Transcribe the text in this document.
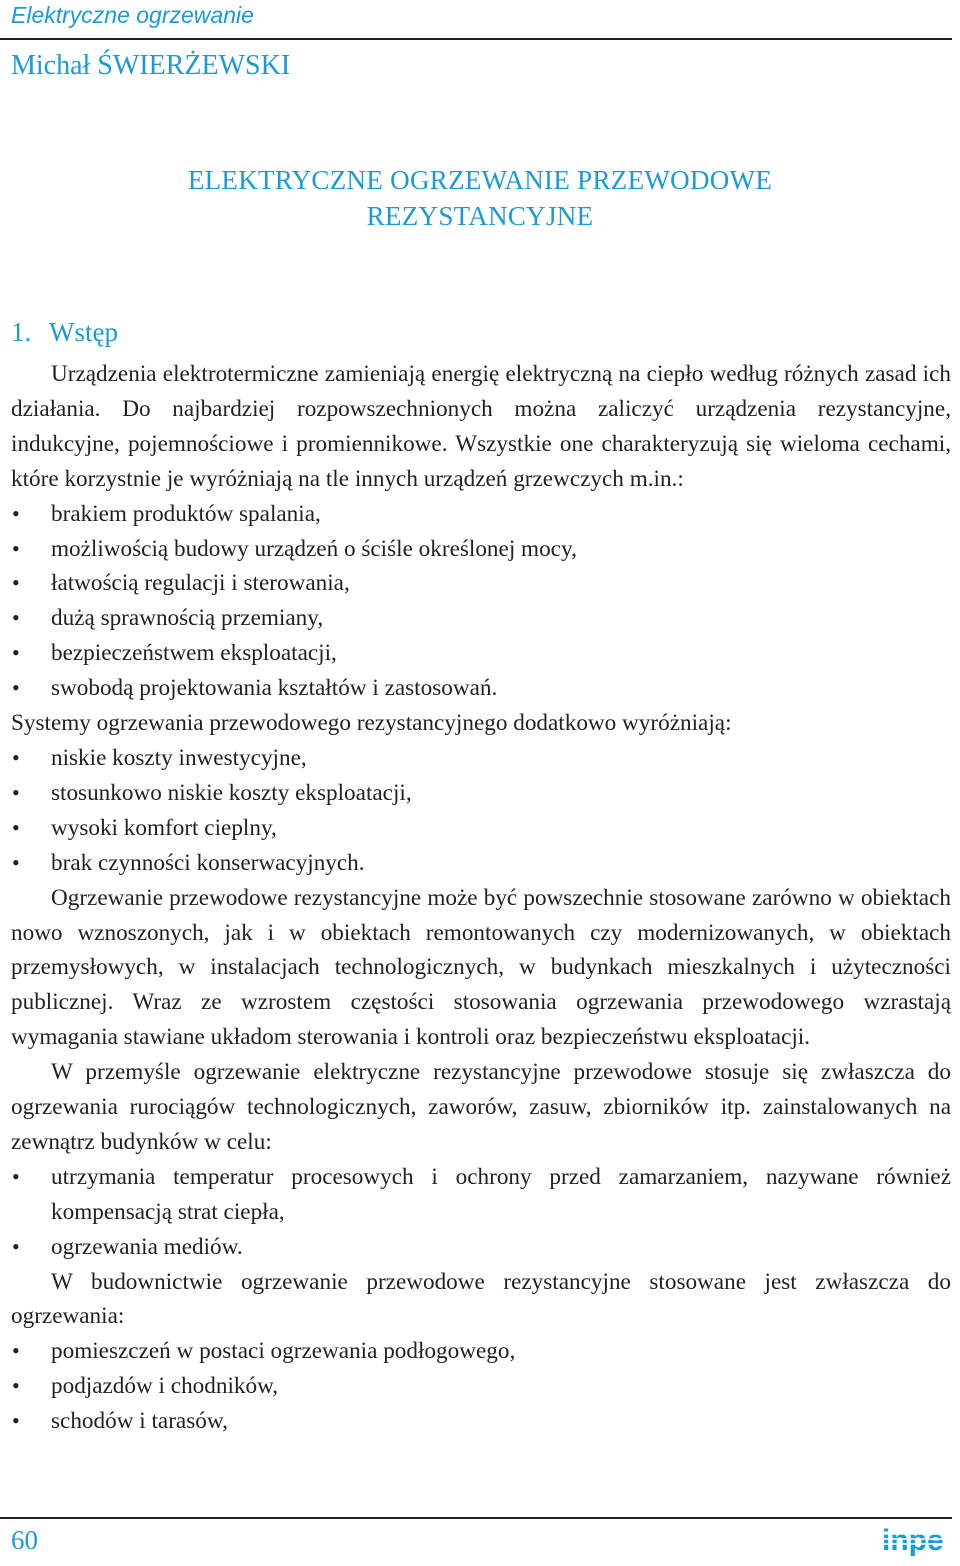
Elektryczne ogrzewanie
Michał ŚWIERŻEWSKI
ELEKTRYCZNE OGRZEWANIE PRZEWODOWE
REZYSTANCYJNE
1. Wstęp

Urządzenia elektrotermiczne zamieniają energię elektryczną na ciepło według różnych zasad ich działania. Do najbardziej rozpowszechnionych można zaliczyć urządzenia rezystancyjne, indukcyjne, pojemnościowe i promiennikowe. Wszystkie one charakteryzują się wieloma cechami, które korzystnie je wyróżniają na tle innych urządzeń grzewczych m.in.:

• brakiem produktów spalania,
• możliwością budowy urządzeń o ściśle określonej mocy,
• łatwością regulacji i sterowania,
• dużą sprawnością przemiany,
• bezpieczeństwem eksploatacji,
• swobodą projektowania kształtów i zastosowań.

Systemy ogrzewania przewodowego rezystancyjnego dodatkowo wyróżniają:

• niskie koszty inwestycyjne,
• stosunkowo niskie koszty eksploatacji,
• wysoki komfort cieplny,
• brak czynności konserwacyjnych.

Ogrzewanie przewodowe rezystancyjne może być powszechnie stosowane zarówno w obiektach nowo wznoszonych, jak i w obiektach remontowanych czy modernizowanych, w obiektach przemysłowych, w instalacjach technologicznych, w budynkach mieszkalnych i użyteczności publicznej. Wraz ze wzrostem częstości stosowania ogrzewania przewodowego wzrastają wymagania stawiane układom sterowania i kontroli oraz bezpieczeństwu eksploatacji.

W przemyśle ogrzewanie elektryczne rezystancyjne przewodowe stosuje się zwłaszcza do ogrzewania rurociągów technologicznych, zaworów, zasuw, zbiorników itp. zainstalowanych na zewnątrz budynków w celu:

• utrzymania temperatur procesowych i ochrony przed zamarzaniem, nazywane również kompensacją strat ciepła,
• ogrzewania mediów.

W budownictwie ogrzewanie przewodowe rezystancyjne stosowane jest zwłaszcza do ogrzewania:

• pomieszczeń w postaci ogrzewania podłogowego,
• podjazdów i chodników,
• schodów i tarasów,
60	inpe
